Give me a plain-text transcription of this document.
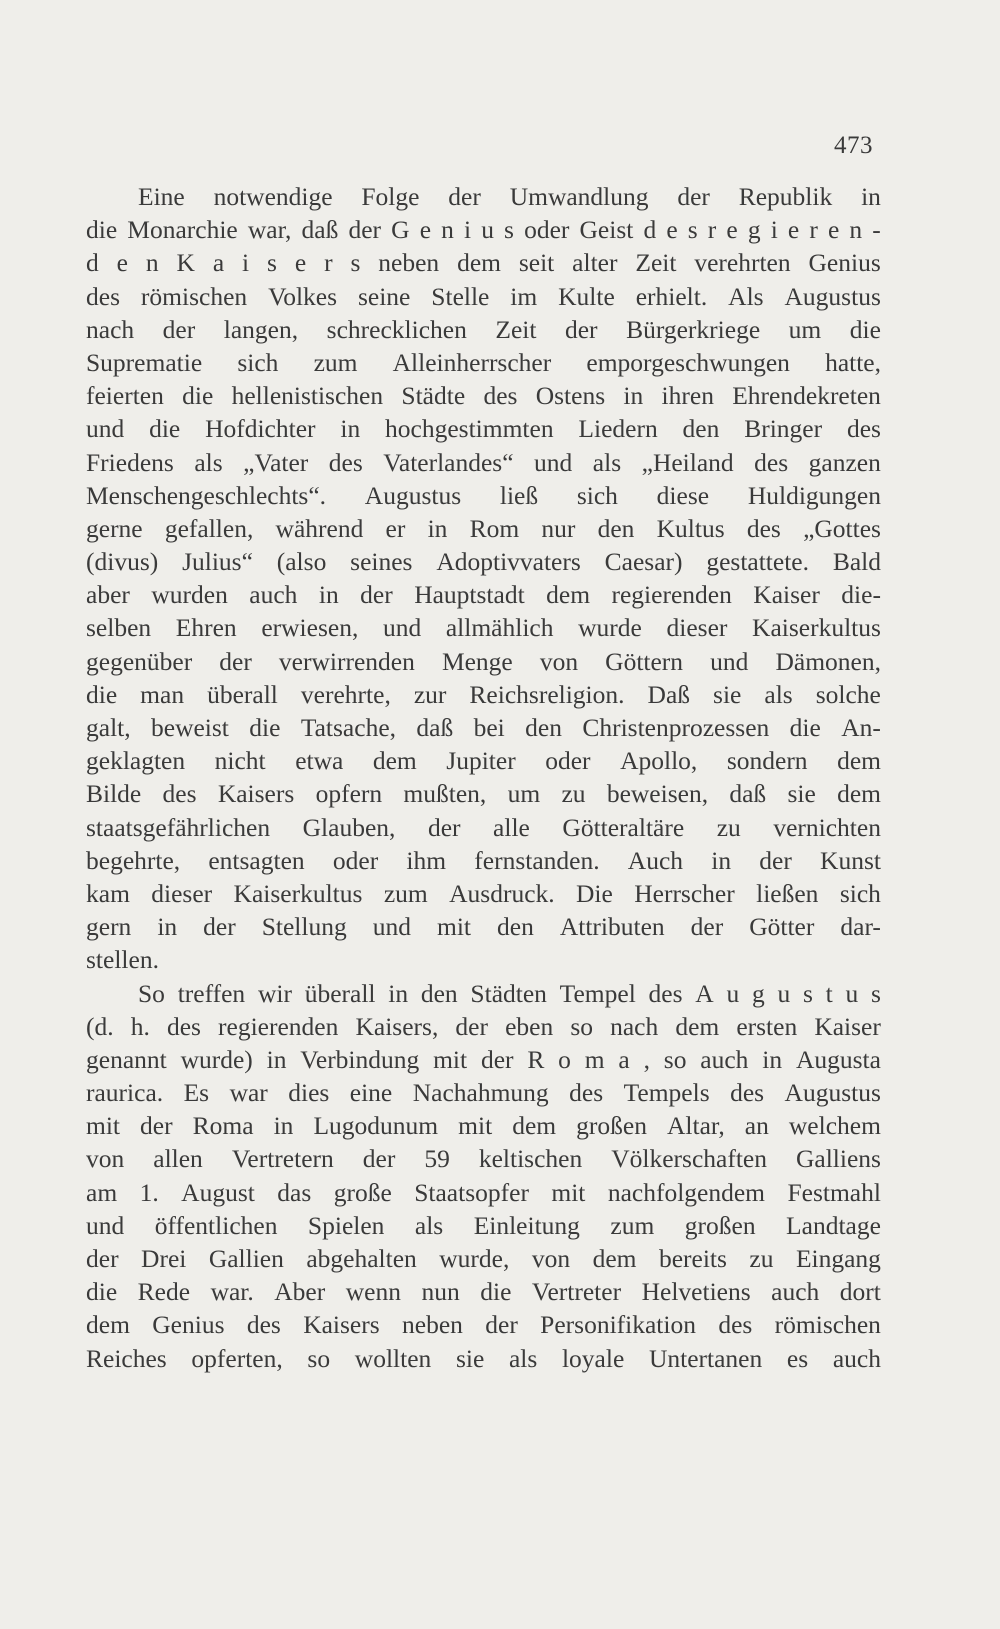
473
Eine notwendige Folge der Umwandlung der Republik in
die Monarchie war, daß der G e n i u s oder Geist d e s r e g i e r e n -
d e n K a i s e r s neben dem seit alter Zeit verehrten Genius
des römischen Volkes seine Stelle im Kulte erhielt. Als Augustus
nach der langen, schrecklichen Zeit der Bürgerkriege um die
Suprematie sich zum Alleinherrscher emporgeschwungen hatte,
feierten die hellenistischen Städte des Ostens in ihren Ehrendekreten
und die Hofdichter in hochgestimmten Liedern den Bringer des
Friedens als „Vater des Vaterlandes“ und als „Heiland des ganzen
Menschengeschlechts“. Augustus ließ sich diese Huldigungen
gerne gefallen, während er in Rom nur den Kultus des „Gottes
(divus) Julius“ (also seines Adoptivvaters Caesar) gestattete. Bald
aber wurden auch in der Hauptstadt dem regierenden Kaiser die-
selben Ehren erwiesen, und allmählich wurde dieser Kaiserkultus
gegenüber der verwirrenden Menge von Göttern und Dämonen,
die man überall verehrte, zur Reichsreligion. Daß sie als solche
galt, beweist die Tatsache, daß bei den Christenprozessen die An-
geklagten nicht etwa dem Jupiter oder Apollo, sondern dem
Bilde des Kaisers opfern mußten, um zu beweisen, daß sie dem
staatsgefährlichen Glauben, der alle Götteraltäre zu vernichten
begehrte, entsagten oder ihm fernstanden. Auch in der Kunst
kam dieser Kaiserkultus zum Ausdruck. Die Herrscher ließen sich
gern in der Stellung und mit den Attributen der Götter dar-
stellen.
So treffen wir überall in den Städten Tempel des A u g u s t u s
(d. h. des regierenden Kaisers, der eben so nach dem ersten Kaiser
genannt wurde) in Verbindung mit der R o m a , so auch in Augusta
raurica. Es war dies eine Nachahmung des Tempels des Augustus
mit der Roma in Lugodunum mit dem großen Altar, an welchem
von allen Vertretern der 59 keltischen Völkerschaften Galliens
am 1. August das große Staatsopfer mit nachfolgendem Festmahl
und öffentlichen Spielen als Einleitung zum großen Landtage
der Drei Gallien abgehalten wurde, von dem bereits zu Eingang
die Rede war. Aber wenn nun die Vertreter Helvetiens auch dort
dem Genius des Kaisers neben der Personifikation des römischen
Reiches opferten, so wollten sie als loyale Untertanen es auch
